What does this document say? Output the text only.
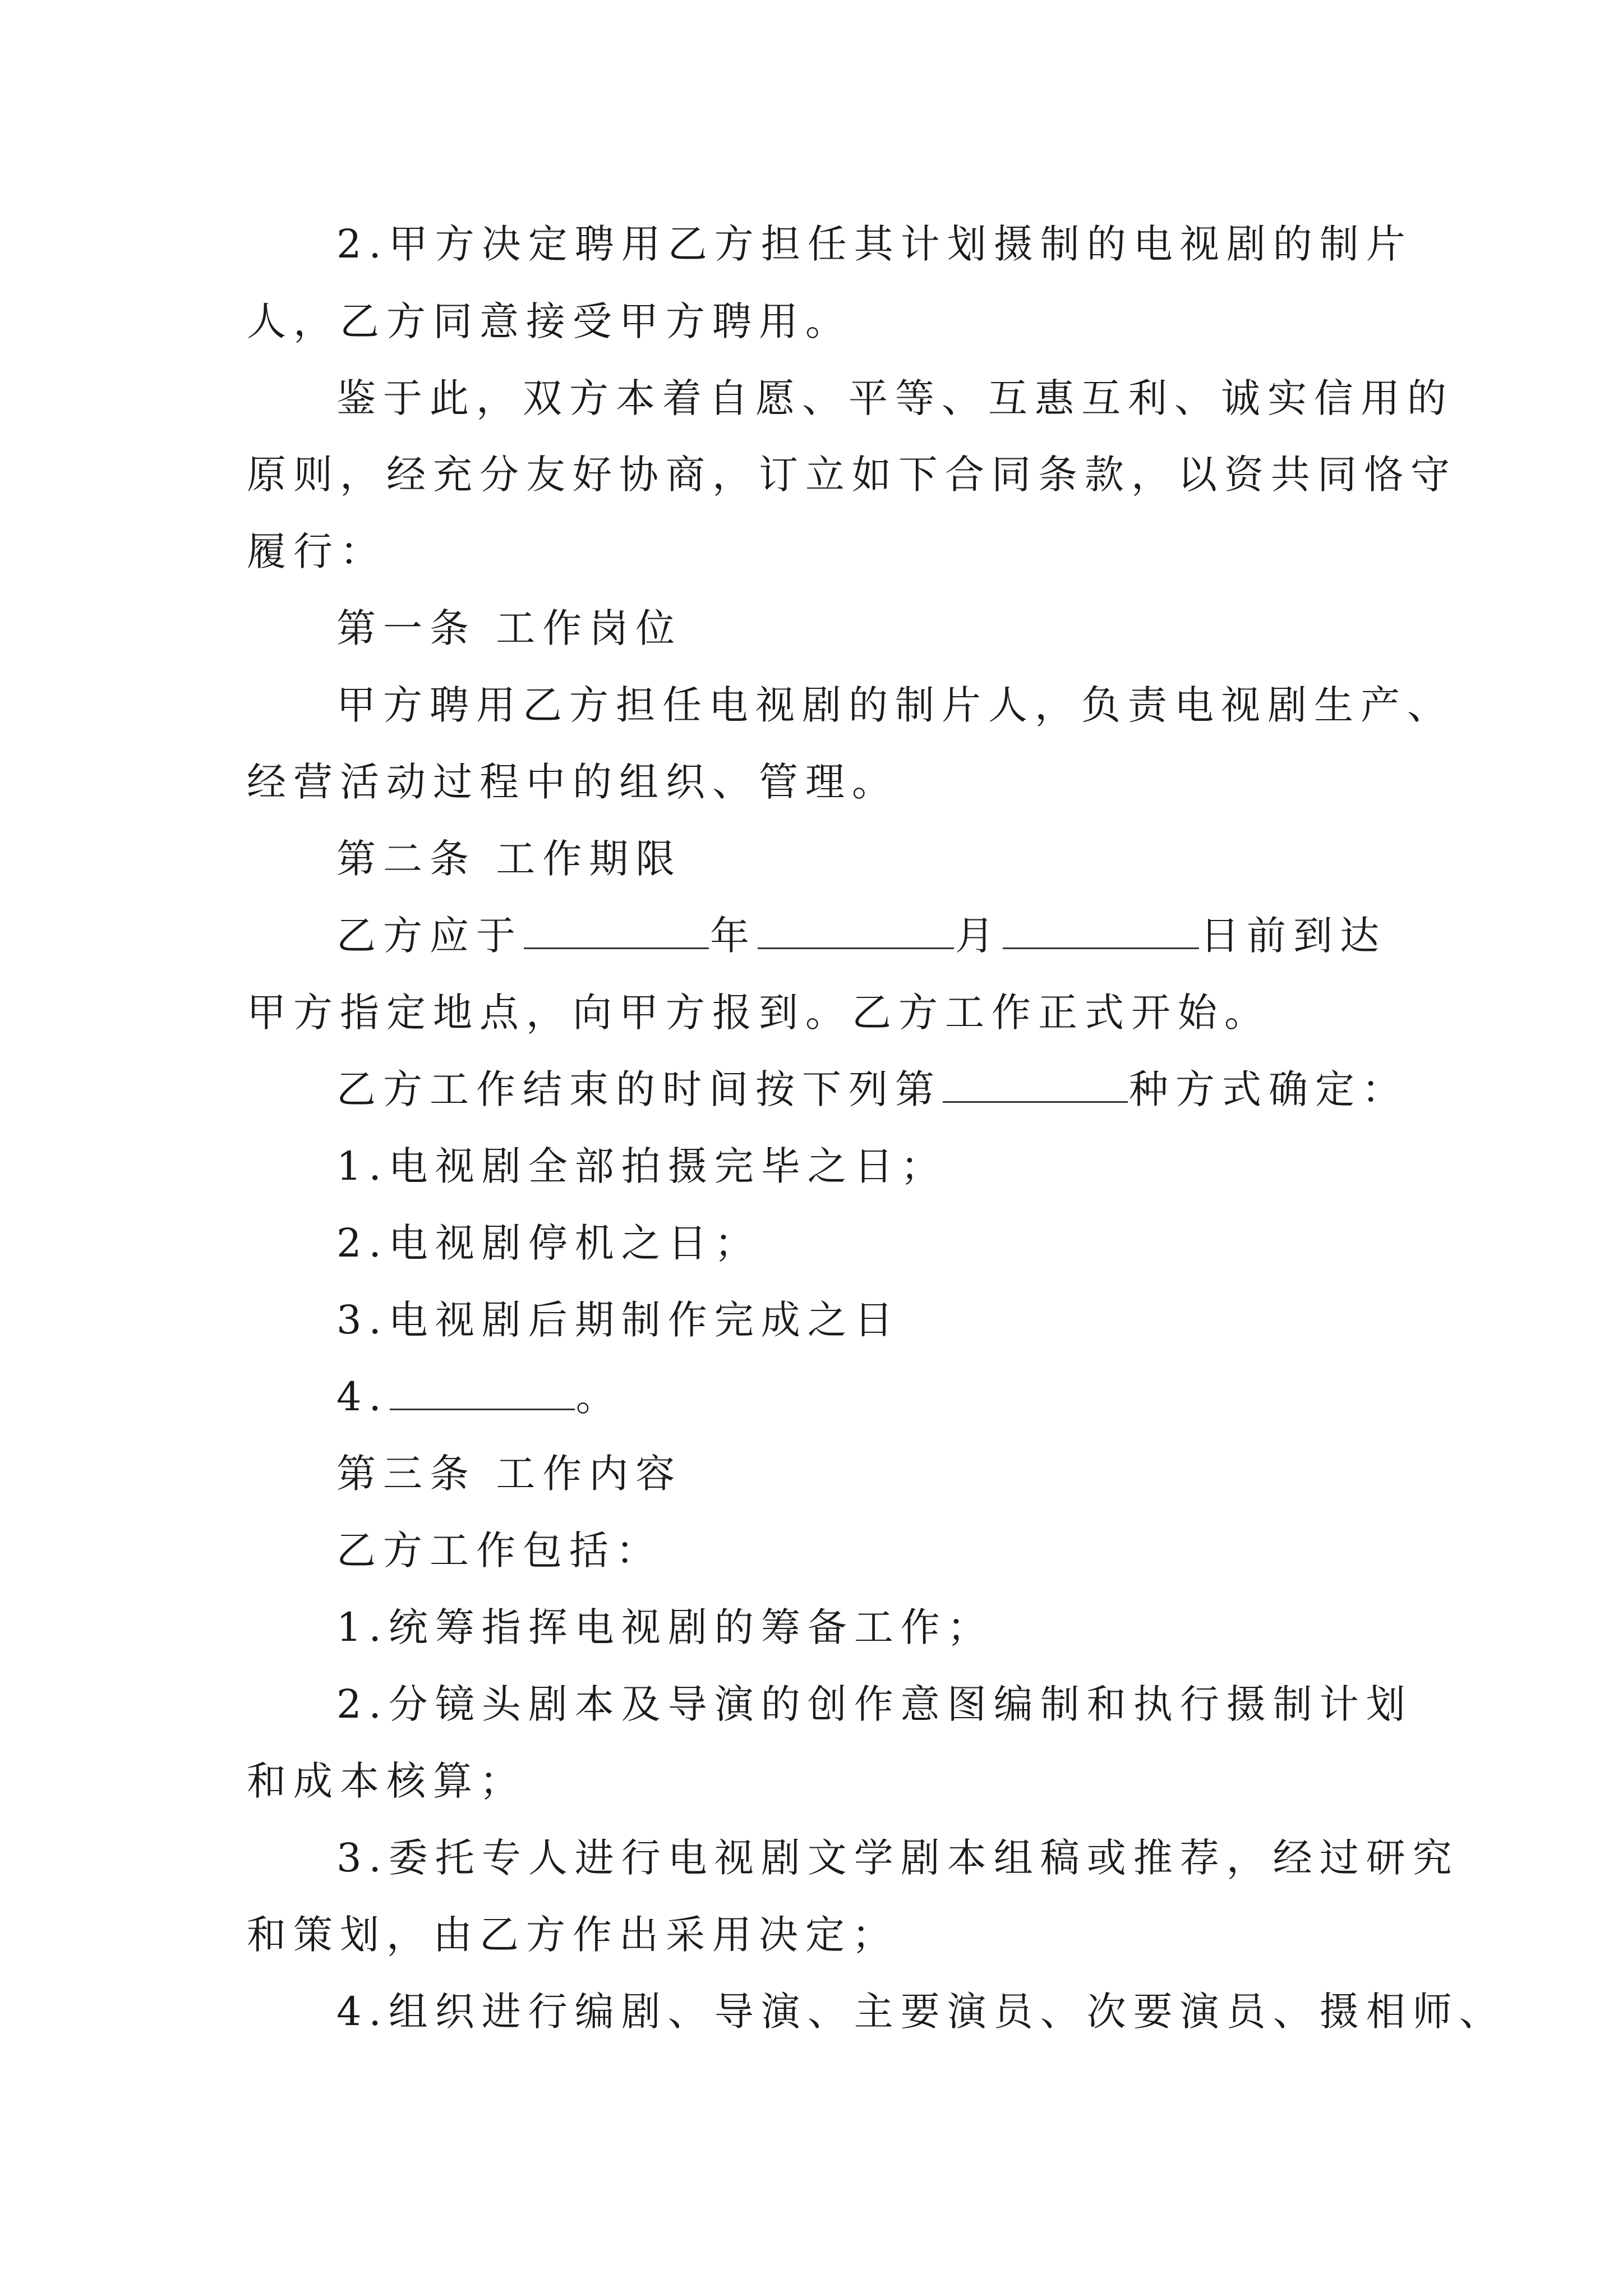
2.甲方决定聘用乙方担任其计划摄制的电视剧的制片
人，乙方同意接受甲方聘用。
鉴于此，双方本着自愿、平等、互惠互利、诚实信用的
原则，经充分友好协商，订立如下合同条款，以资共同恪守
履行：
第一条 工作岗位
甲方聘用乙方担任电视剧的制片人，负责电视剧生产、
经营活动过程中的组织、管理。
第二条 工作期限
乙方应于	年	月	日前到达
甲方指定地点，向甲方报到。乙方工作正式开始。
乙方工作结束的时间按下列第	种方式确定：
1.电视剧全部拍摄完毕之日；
2.电视剧停机之日；
3.电视剧后期制作完成之日
4.	。
第三条 工作内容
乙方工作包括：
1.统筹指挥电视剧的筹备工作；
2.分镜头剧本及导演的创作意图编制和执行摄制计划
和成本核算；
3.委托专人进行电视剧文学剧本组稿或推荐，经过研究
和策划，由乙方作出采用决定；
4.组织进行编剧、导演、主要演员、次要演员、摄相师、
